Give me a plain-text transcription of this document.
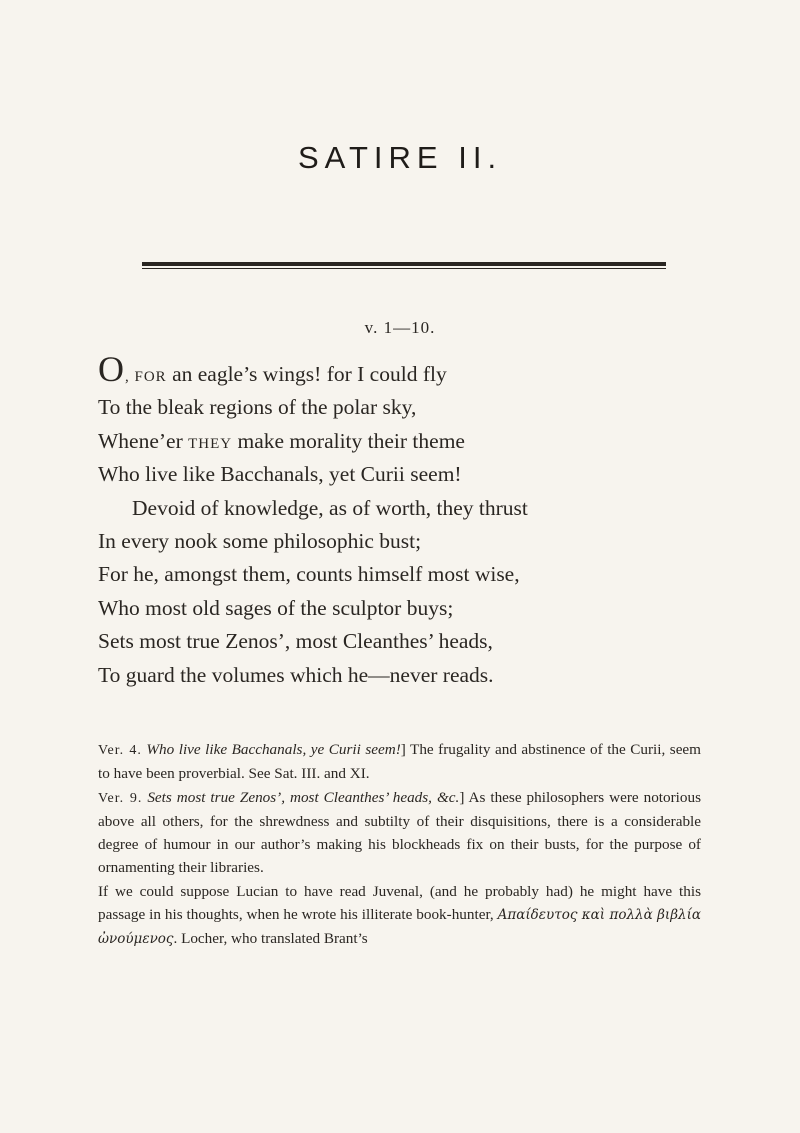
SATIRE II.
v. 1—10.
O, FOR an eagle’s wings! for I could fly
To the bleak regions of the polar sky,
Whene’er THEY make morality their theme
Who live like Bacchanals, yet Curii seem!
Devoid of knowledge, as of worth, they thrust
In every nook some philosophic bust;
For he, amongst them, counts himself most wise,
Who most old sages of the sculptor buys;
Sets most true Zenos’, most Cleanthes’ heads,
To guard the volumes which he—never reads.

Ver. 4. Who live like Bacchanals, ye Curii seem!] The frugality and abstinence of the Curii, seem to have been proverbial. See Sat. III. and XI.

Ver. 9. Sets most true Zenos’, most Cleanthes’ heads, &c.] As these philosophers were notorious above all others, for the shrewdness and subtilty of their disquisitions, there is a considerable degree of humour in our author’s making his blockheads fix on their busts, for the purpose of ornamenting their libraries.

If we could suppose Lucian to have read Juvenal, (and he probably had) he might have this passage in his thoughts, when he wrote his illiterate book-hunter, Απαίδευτος καὶ πολλὰ βιβλία ὠνούμενος. Locher, who translated Brant’s
